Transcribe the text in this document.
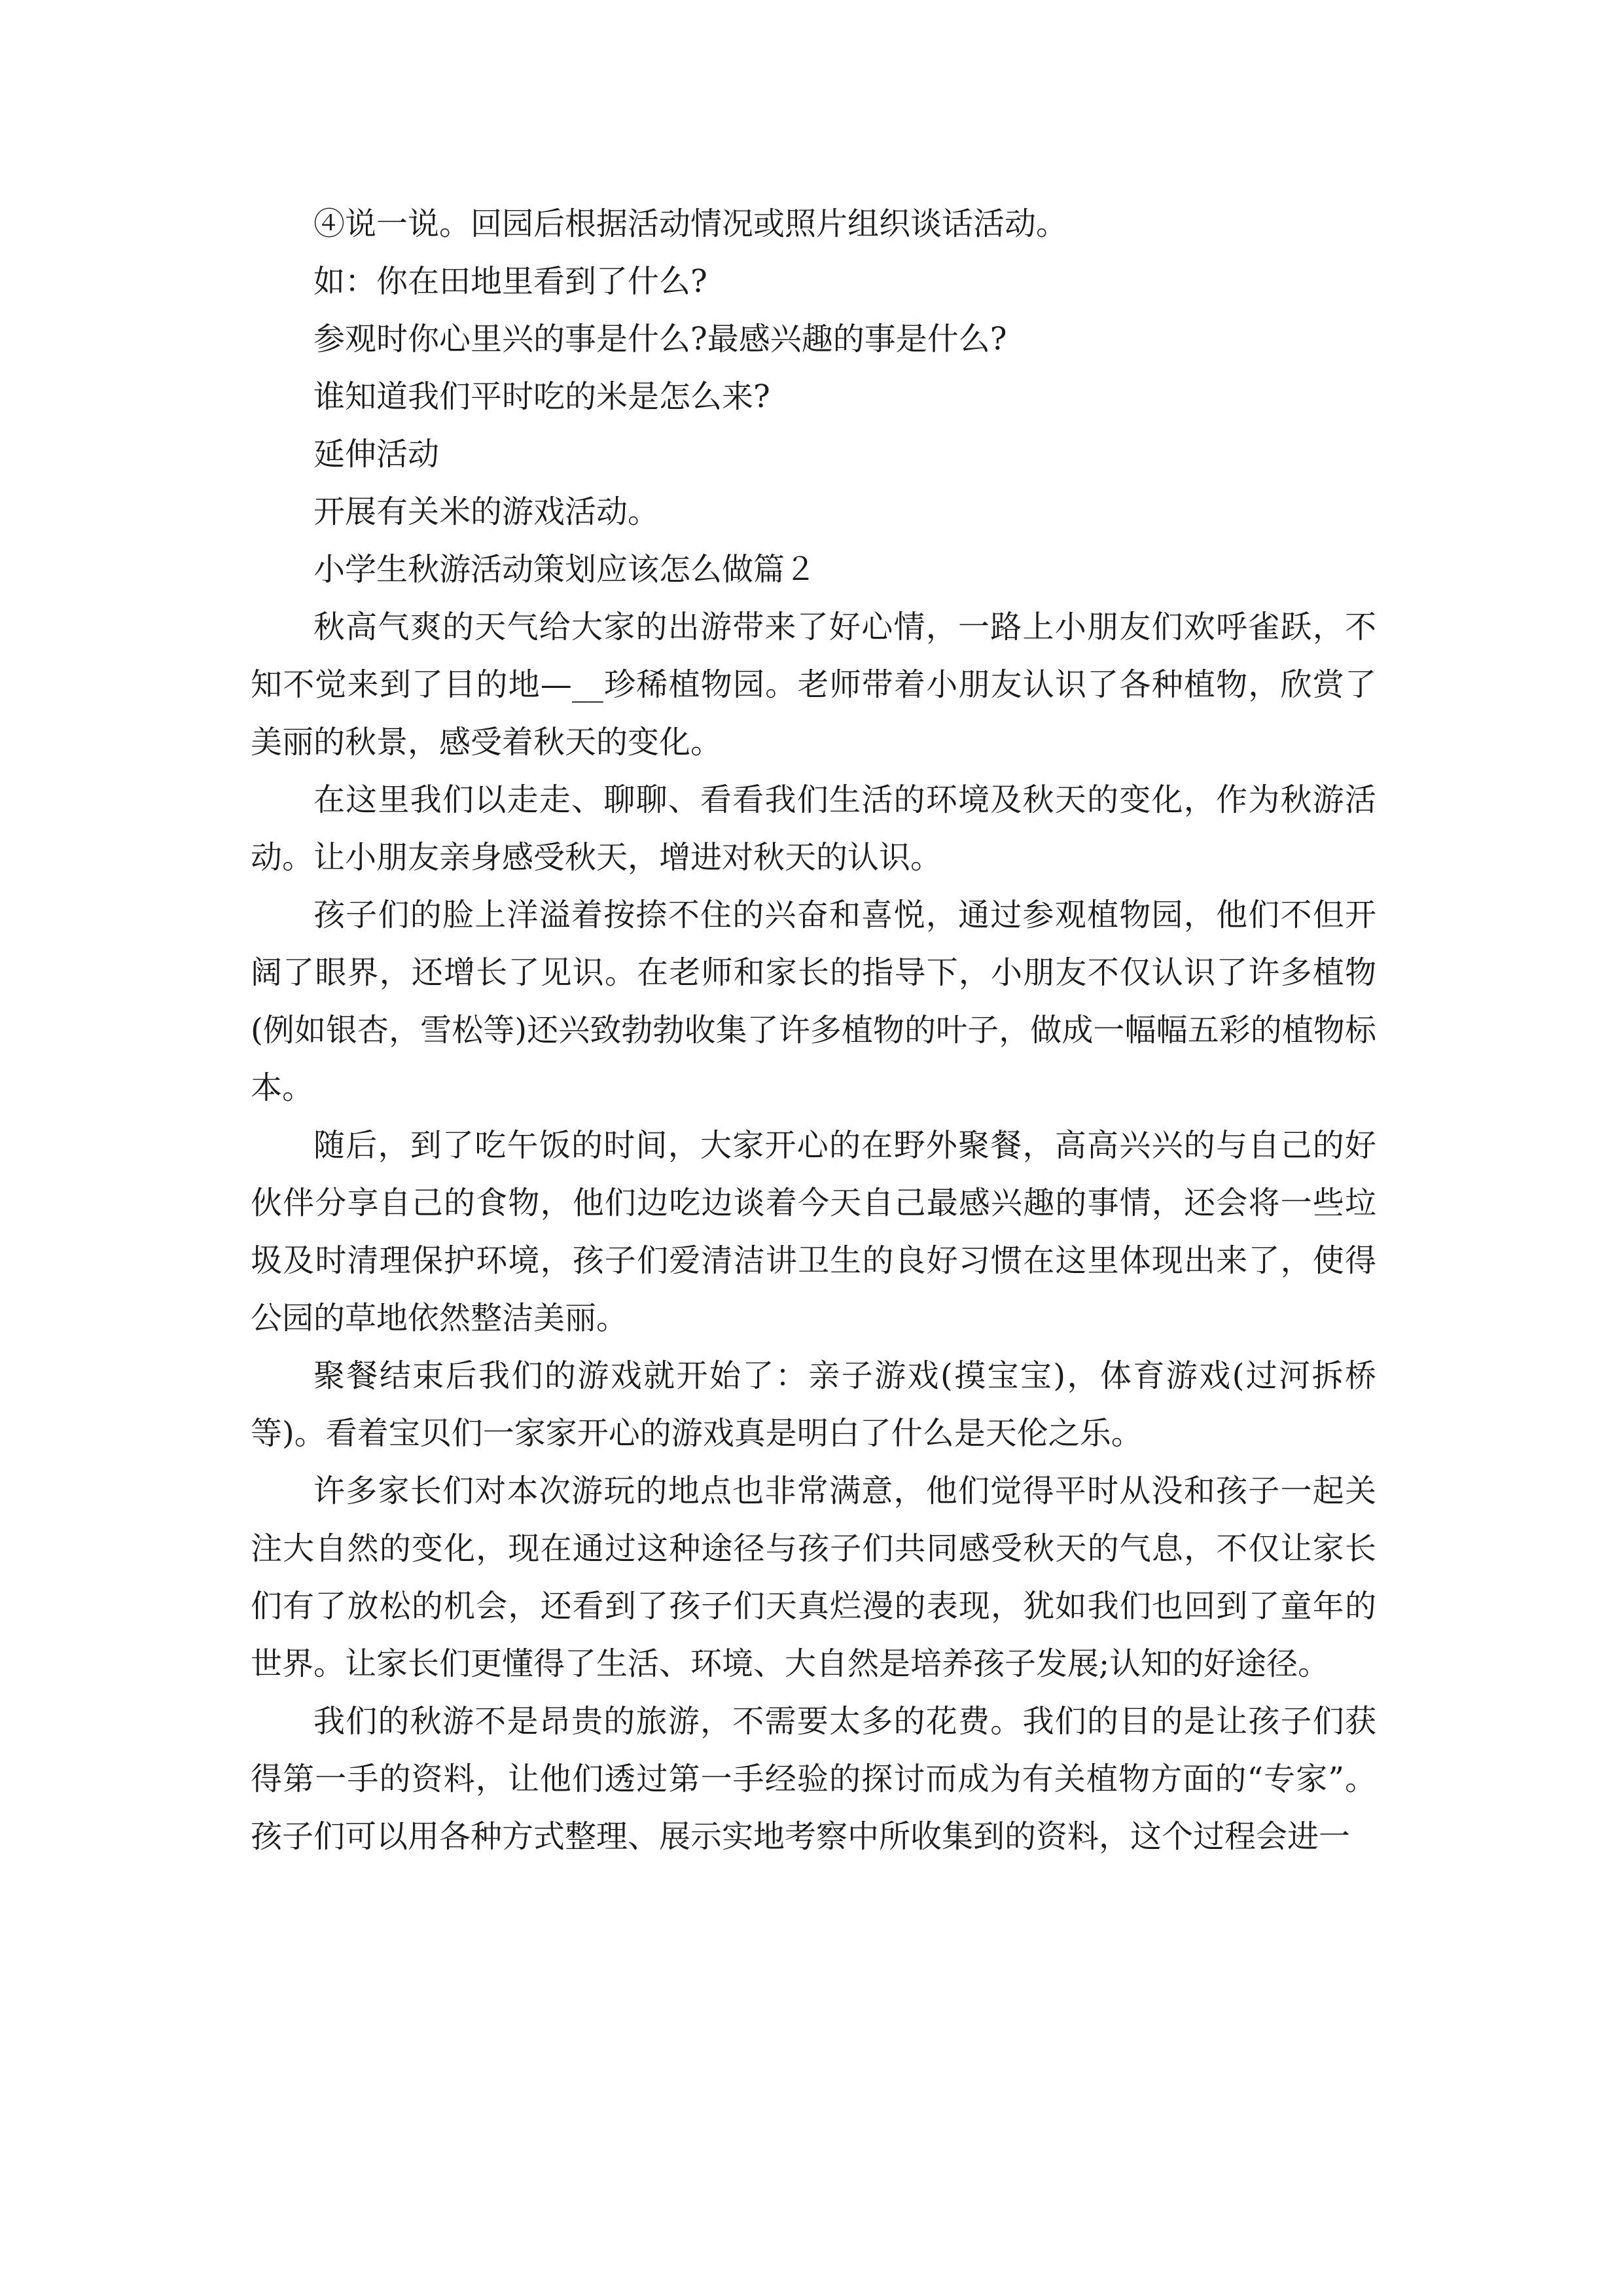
④说一说。回园后根据活动情况或照片组织谈话活动。
如：你在田地里看到了什么?
参观时你心里兴的事是什么?最感兴趣的事是什么?
谁知道我们平时吃的米是怎么来?
延伸活动
开展有关米的游戏活动。
小学生秋游活动策划应该怎么做篇２

秋高气爽的天气给大家的出游带来了好心情，一路上小朋友们欢呼雀跃，不知不觉来到了目的地—__珍稀植物园。老师带着小朋友认识了各种植物，欣赏了美丽的秋景，感受着秋天的变化。

在这里我们以走走、聊聊、看看我们生活的环境及秋天的变化，作为秋游活动。让小朋友亲身感受秋天，增进对秋天的认识。

孩子们的脸上洋溢着按捺不住的兴奋和喜悦，通过参观植物园，他们不但开阔了眼界，还增长了见识。在老师和家长的指导下，小朋友不仅认识了许多植物(例如银杏，雪松等)还兴致勃勃收集了许多植物的叶子，做成一幅幅五彩的植物标本。

随后，到了吃午饭的时间，大家开心的在野外聚餐，高高兴兴的与自己的好伙伴分享自己的食物，他们边吃边谈着今天自己最感兴趣的事情，还会将一些垃圾及时清理保护环境，孩子们爱清洁讲卫生的良好习惯在这里体现出来了，使得公园的草地依然整洁美丽。

聚餐结束后我们的游戏就开始了：亲子游戏(摸宝宝)，体育游戏(过河拆桥等)。看着宝贝们一家家开心的游戏真是明白了什么是天伦之乐。

许多家长们对本次游玩的地点也非常满意，他们觉得平时从没和孩子一起关注大自然的变化，现在通过这种途径与孩子们共同感受秋天的气息，不仅让家长们有了放松的机会，还看到了孩子们天真烂漫的表现，犹如我们也回到了童年的世界。让家长们更懂得了生活、环境、大自然是培养孩子发展;认知的好途径。

我们的秋游不是昂贵的旅游，不需要太多的花费。我们的目的是让孩子们获得第一手的资料，让他们透过第一手经验的探讨而成为有关植物方面的“专家”。孩子们可以用各种方式整理、展示实地考察中所收集到的资料，这个过程会进一
